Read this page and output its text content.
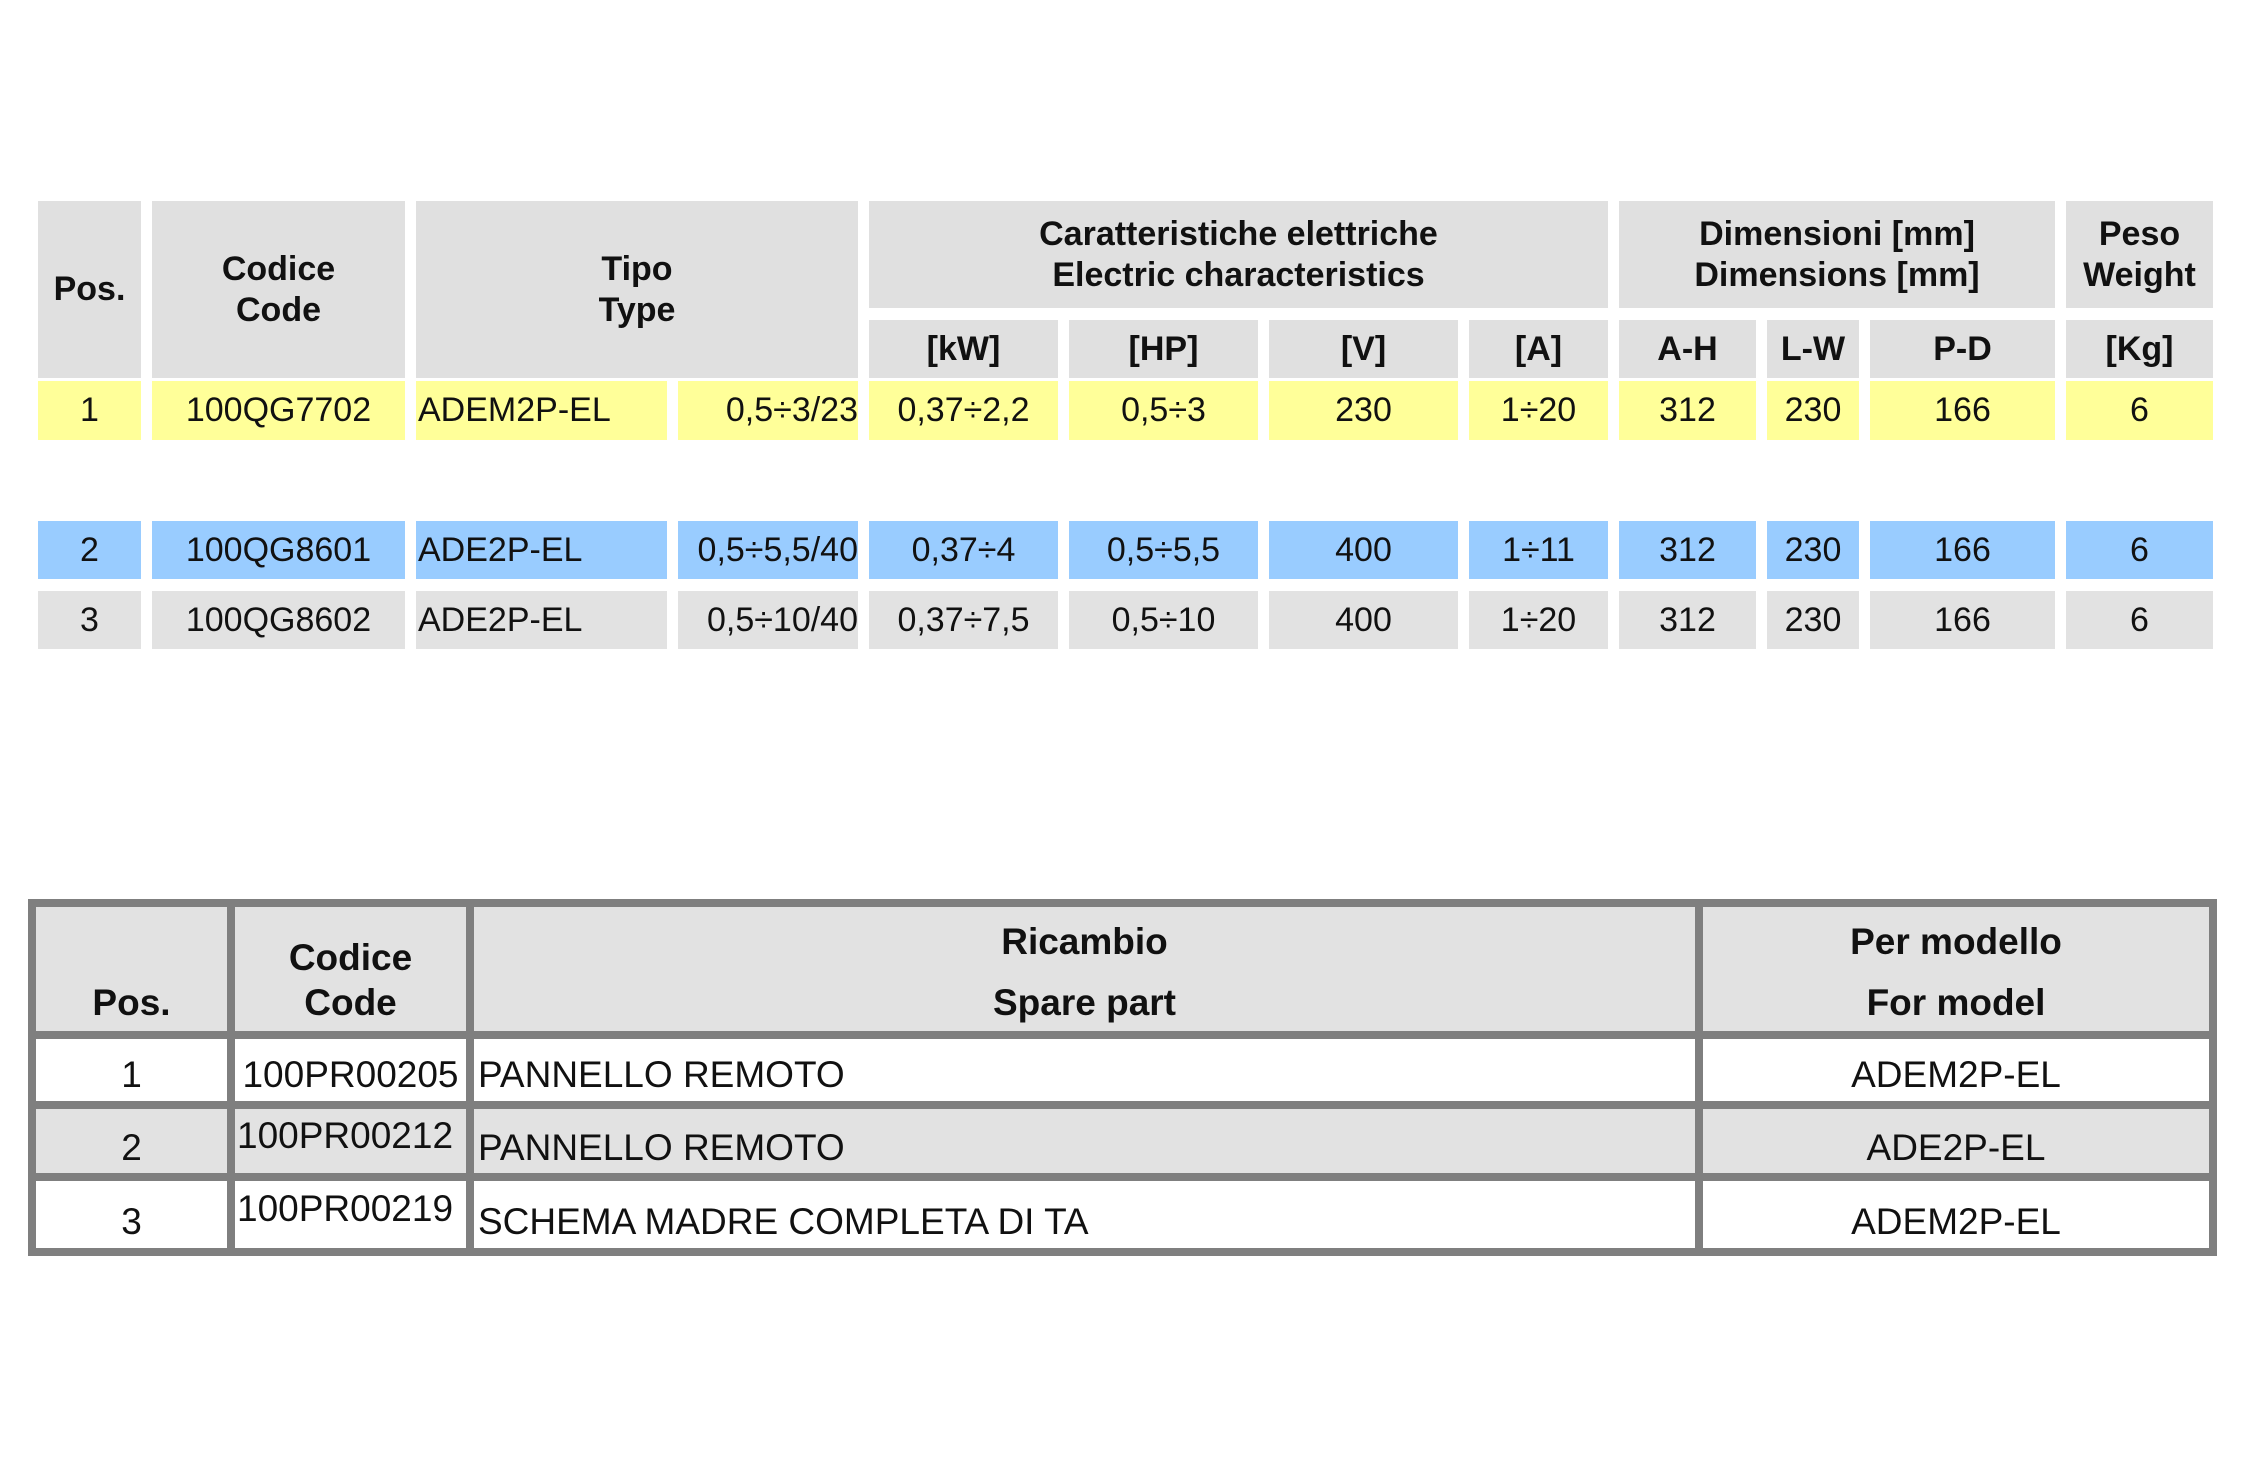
Pos.
Codice
Code
Tipo
Type
Caratteristiche elettriche
Electric characteristics
Dimensioni [mm]
Dimensions [mm]
Peso
Weight
[kW]	[HP]	[V]	[A]	A-H	L-W	P-D	[Kg]
1	100QG7702	ADEM2P-EL	0,5÷3/23	0,37÷2,2	0,5÷3	230	1÷20	312	230	166	6
2	100QG8601	ADE2P-EL	0,5÷5,5/40	0,37÷4	0,5÷5,5	400	1÷11	312	230	166	6
3	100QG8602	ADE2P-EL	0,5÷10/40	0,37÷7,5	0,5÷10	400	1÷20	312	230	166	6
Pos.
Codice
Code
Ricambio
Spare part
Per modello
For model
1	100PR00205 PANNELLO REMOTO	ADEM2P-EL
2	100PR00212 PANNELLO REMOTO	ADE2P-EL
3	100PR00219 SCHEMA MADRE COMPLETA DI TA	ADEM2P-EL
